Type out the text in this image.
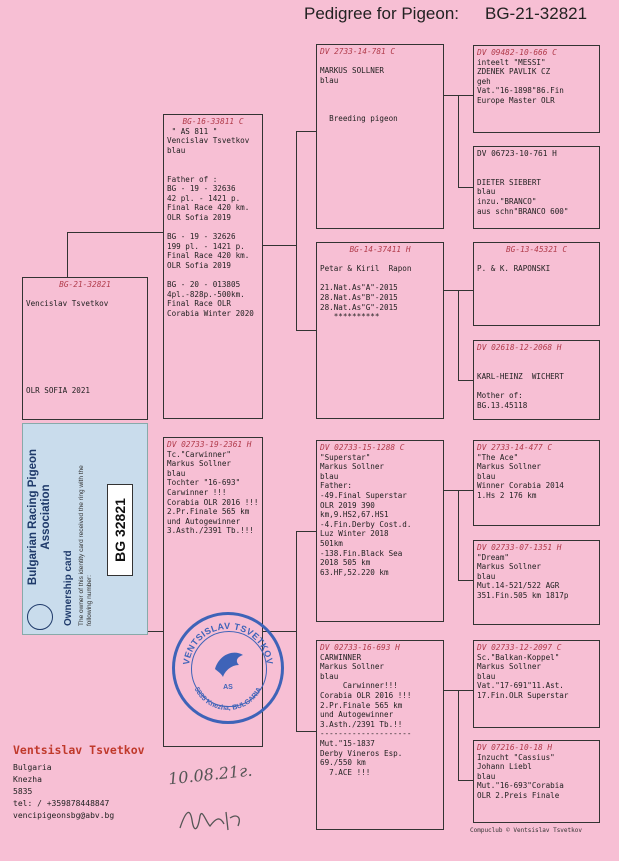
Pedigree for Pigeon: BG-21-32821
BG-21-32821

Vencislav Tsvetkov

OLR SOFIA 2021
BG-16-33811 C
" AS 811 "
Vencislav Tsvetkov
blau

Father of :
BG - 19 - 32636
42 pl. - 1421 p.
Final Race 420 km.
OLR Sofia 2019

BG - 19 - 32626
199 pl. - 1421 p.
Final Race 420 km.
OLR Sofia 2019

BG - 20 - 013805
4pl.-828p.-500km.
Final Race OLR
Corabia Winter 2020
DV 02733-19-2361 H
Tc."Carwinner"
Markus Sollner
blau
Tochter "16-693"
Carwinner !!!
Corabia OLR 2016 !!!
2.Pr.Finale 565 km
und Autogewinner
3.Asth./2391 Tb.!!!
DV 2733-14-781 C

MARKUS SOLLNER
blau

Breeding pigeon
BG-14-37411 H

Petar & Kiril  Rapon

21.Nat.As"A"-2015
28.Nat.As"B"-2015
28.Nat.As"G"-2015
**********
DV 02733-15-1288 C
"Superstar"
Markus Sollner
blau
Father:
-49.Final Superstar
OLR 2019 390
km,9.HS2,67.HS1
-4.Fin.Derby Cost.d.
Luz Winter 2018
501km
-138.Fin.Black Sea
2018 505 km
63.HF,52.220 km
DV 02733-16-693 H
CARWINNER
Markus Sollner
blau
Carwinner!!!
Corabia OLR 2016 !!!
2.Pr.Finale 565 km
und Autogewinner
3.Asth./2391 Tb.!!
--------------------
Mut."15-1837
Derby Vineros Esp.
69./550 km
7.ACE !!!
DV 09482-10-666 C
inteelt "MESSI"
ZDENEK PAVLIK CZ
geh
Vat."16-1898"86.Fin
Europe Master OLR
DV 06723-10-761 H

DIETER SIEBERT
blau
inzu."BRANCO"
aus schn"BRANCO 600"
BG-13-45321 C

P. & K. RAPONSKI
DV 02618-12-2068 H

KARL-HEINZ  WICHERT

Mother of:
BG.13.45118
DV 2733-14-477 C
"The Ace"
Markus Sollner
blau
Winner Corabia 2014
1.Hs 2 176 km
DV 02733-07-1351 H
"Dream"
Markus Sollner
blau
Mut.14-521/522 AGR
351.Fin.505 km 1817p
DV 02733-12-2097 C
Sc."Balkan-Koppel"
Markus Sollner
blau
Vat."17-691"11.Ast.
17.Fin.OLR Superstar
DV 07216-10-18 H
Inzucht "Cassius"
Johann Liebl
blau
Mut."16-693"Corabia
OLR 2.Preis Finale
Bulgarian Racing Pigeon Association
Ownership card The owner of this identity card received the ring with the following number:
BG 32821
VENTSISLAV TSVETKOV
5835 Knezha, BULGARIA
AS
Ventsislav Tsvetkov
Bulgaria
Knezha
5835
tel: / +359878448847
vencipigeonsbg@abv.bg
10.08.21г.
Compuclub © Ventsislav Tsvetkov
